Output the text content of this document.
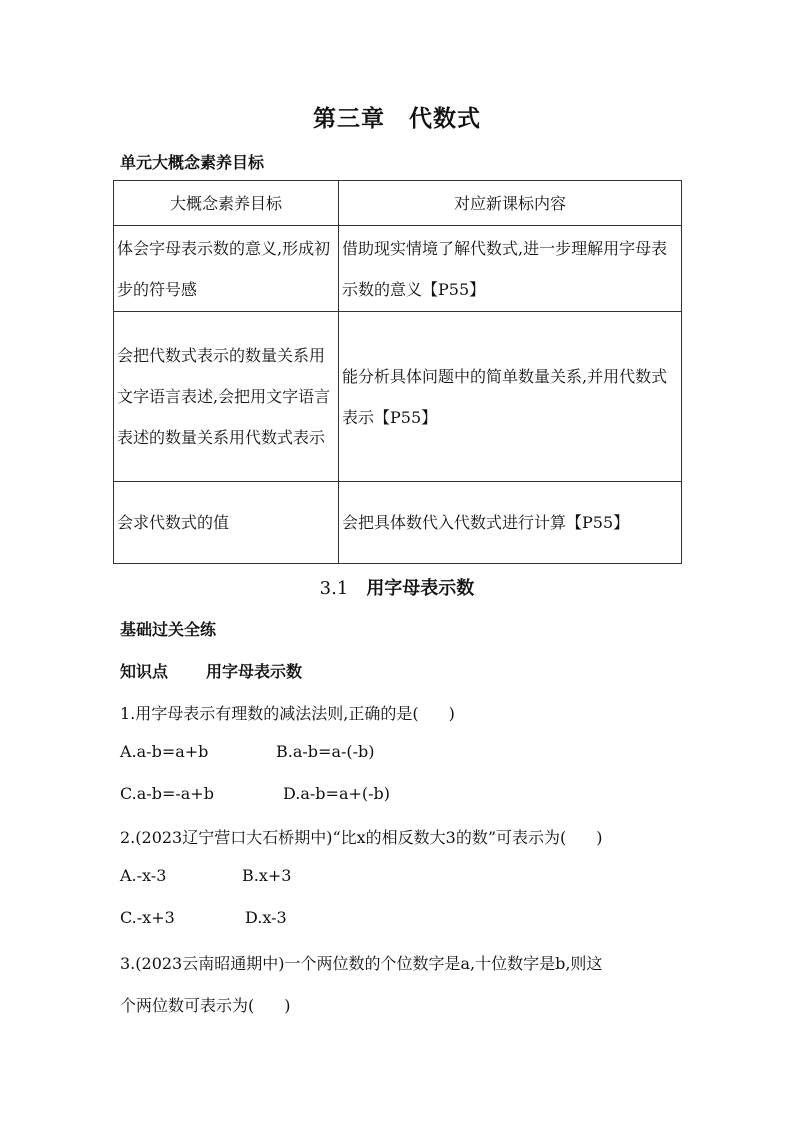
第三章　代数式
单元大概念素养目标
大概念素养目标	对应新课标内容
体会字母表示数的意义,形成初步的符号感	借助现实情境了解代数式,进一步理解用字母表示数的意义【P55】
会把代数式表示的数量关系用文字语言表述,会把用文字语言表述的数量关系用代数式表示	能分析具体问题中的简单数量关系,并用代数式表示【P55】
会求代数式的值	会把具体数代入代数式进行计算【P55】
3.1 用字母表示数
基础过关全练
知识点 用字母表示数
1.用字母表示有理数的减法法则,正确的是( )
A.a-b=a+b	B.a-b=a-(-b)
C.a-b=-a+b	D.a-b=a+(-b)
2.(2023辽宁营口大石桥期中)“比x的相反数大3的数”可表示为( )
A.-x-3	B.x+3
C.-x+3	D.x-3
3.(2023云南昭通期中)一个两位数的个位数字是a,十位数字是b,则这
个两位数可表示为( )
